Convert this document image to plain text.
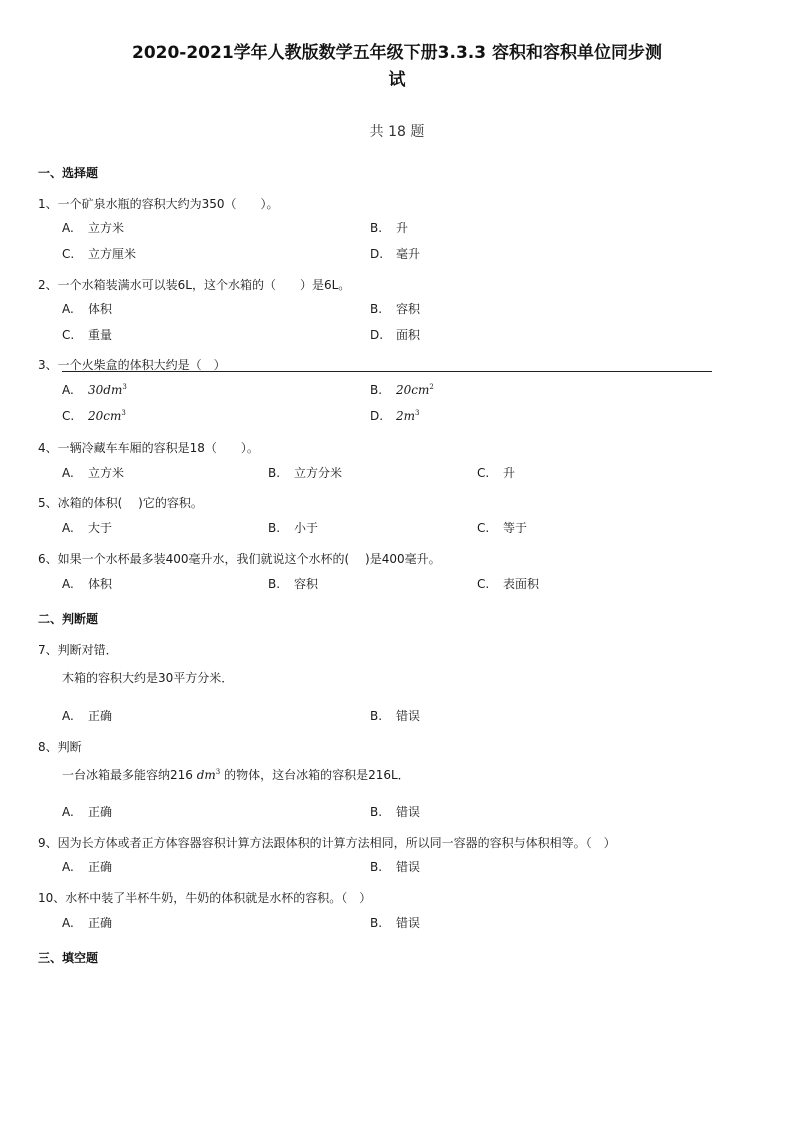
2020-2021学年人教版数学五年级下册3.3.3 容积和容积单位同步测
试
共 18 题
一、选择题
1、一个矿泉水瓶的容积大约为350（　　）。
A. 立方米	B. 升
C. 立方厘米	D. 毫升
2、一个水箱装满水可以装6L，这个水箱的（　　）是6L。
A. 体积	B. 容积
C. 重量	D. 面积
3、一个火柴盒的体积大约是（　）
A. $30dm^3$	B. $20cm^2$
C. $20cm^3$	D. $2m^3$
4、一辆冷藏车车厢的容积是18（　　）。
A. 立方米	B. 立方分米	C. 升
5、冰箱的体积(　 )它的容积。
A. 大于	B. 小于	C. 等于
6、如果一个水杯最多装400毫升水，我们就说这个水杯的(　 )是400毫升。
A. 体积	B. 容积	C. 表面积
二、判断题
7、判断对错．
木箱的容积大约是30平方分米．
A. 正确	B. 错误
8、判断
一台冰箱最多能容纳216 $dm^3$ 的物体，这台冰箱的容积是216L．
A. 正确	B. 错误
9、因为长方体或者正方体容器容积计算方法跟体积的计算方法相同，所以同一容器的容积与体积相等。（　）
A. 正确	B. 错误
10、水杯中装了半杯牛奶，牛奶的体积就是水杯的容积。（　）
A. 正确	B. 错误
三、填空题
